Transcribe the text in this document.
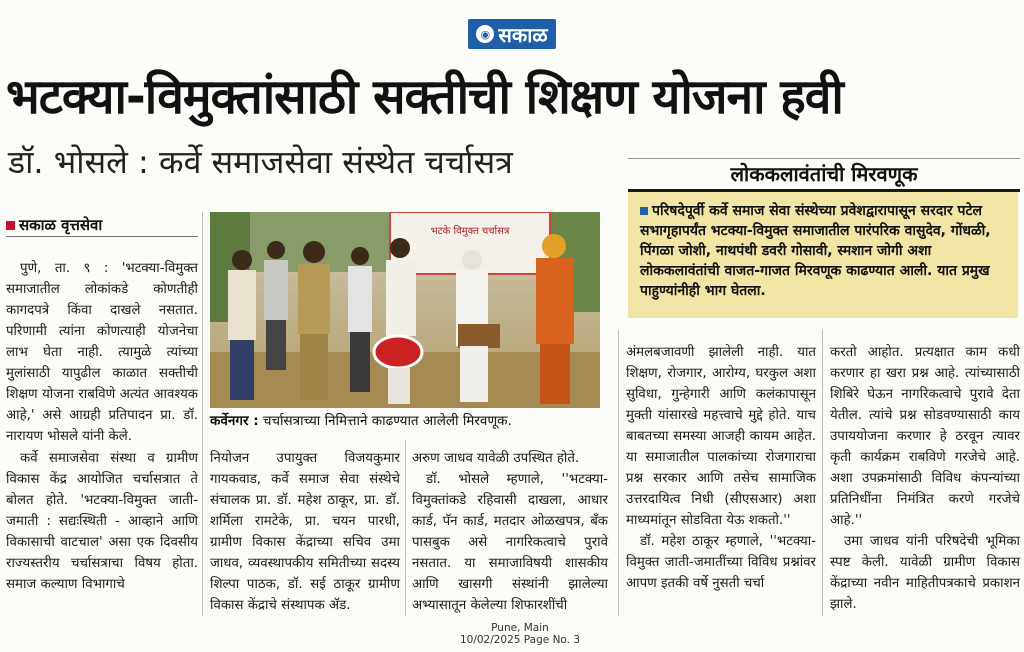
◉ सकाळ
भटक्या-विमुक्तांसाठी सक्तीची शिक्षण योजना हवी
डॉ. भोसले : कर्वे समाजसेवा संस्थेत चर्चासत्र	लोककलावंतांची मिरवणूक
परिषदेपूर्वी कर्वे समाज सेवा संस्थेच्या प्रवेशद्वारापासून सरदार पटेल सभागृहापर्यंत भटक्या-विमुक्त समाजातील पारंपरिक वासुदेव, गोंधळी, पिंगळा जोशी, नाथपंथी डवरी गोसावी, स्मशान जोगी अशा लोककलावंतांची वाजत-गाजत मिरवणूक काढण्यात आली. यात प्रमुख पाहुण्यांनीही भाग घेतला.
सकाळ वृत्तसेवा

पुणे, ता. ९ : 'भटक्या-विमुक्त समाजातील लोकांकडे कोणतीही कागदपत्रे किंवा दाखले नसतात. परिणामी त्यांना कोणत्याही योजनेचा लाभ घेता नाही. त्यामुळे त्यांच्या मुलांसाठी यापुढील काळात सक्तीची शिक्षण योजना राबविणे अत्यंत आवश्यक आहे,' असे आग्रही प्रतिपादन प्रा. डॉ. नारायण भोसले यांनी केले.

कर्वे समाजसेवा संस्था व ग्रामीण विकास केंद्र आयोजित चर्चासत्रात ते बोलत होते. 'भटक्या-विमुक्त जाती-जमाती : सद्यःस्थिती - आव्हाने आणि विकासाची वाटचाल' असा एक दिवसीय राज्यस्तरीय चर्चासत्राचा विषय होता. समाज कल्याण विभागाचे

भटके विमुक्त चर्चासत्र
कर्वेनगर : चर्चासत्राच्या निमित्ताने काढण्यात आलेली मिरवणूक.

नियोजन उपायुक्त विजयकुमार गायकवाड, कर्वे समाज सेवा संस्थेचे संचालक प्रा. डॉ. महेश ठाकूर, प्रा. डॉ. शर्मिला रामटेके, प्रा. चयन पारधी, ग्रामीण विकास केंद्राच्या सचिव उमा जाधव, व्यवस्थापकीय समितीच्या सदस्य शिल्पा पाठक, डॉ. सई ठाकूर ग्रामीण विकास केंद्राचे संस्थापक ॲड.

अरुण जाधव यावेळी उपस्थित होते.

डॉ. भोसले म्हणाले, ''भटक्या-विमुक्तांकडे रहिवासी दाखला, आधार कार्ड, पॅन कार्ड, मतदार ओळखपत्र, बँक पासबुक असे नागरिकत्वाचे पुरावे नसतात. या समाजाविषयी शासकीय आणि खासगी संस्थांनी झालेल्या अभ्यासातून केलेल्या शिफारशींची

अंमलबजावणी झालेली नाही. यात शिक्षण, रोजगार, आरोग्य, घरकुल अशा सुविधा, गुन्हेगारी आणि कलंकापासून मुक्ती यांसारखे महत्त्वाचे मुद्दे होते. याच बाबतच्या समस्या आजही कायम आहेत. या समाजातील पालकांच्या रोजगाराचा प्रश्न सरकार आणि तसेच सामाजिक उत्तरदायित्व निधी (सीएसआर) अशा माध्यमांतून सोडविता येऊ शकतो.''

डॉ. महेश ठाकूर म्हणाले, ''भटक्या-विमुक्त जाती-जमातींच्या विविध प्रश्नांवर आपण इतकी वर्षे नुसती चर्चा

करतो आहोत. प्रत्यक्षात काम कधी करणार हा खरा प्रश्न आहे. त्यांच्यासाठी शिबिरे घेऊन नागरिकत्वाचे पुरावे देता येतील. त्यांचे प्रश्न सोडवण्यासाठी काय उपाययोजना करणार हे ठरवून त्यावर कृती कार्यक्रम राबविणे गरजेचे आहे. अशा उपक्रमांसाठी विविध कंपन्यांच्या प्रतिनिधींना निमंत्रित करणे गरजेचे आहे.''

उमा जाधव यांनी परिषदेची भूमिका स्पष्ट केली. यावेळी ग्रामीण विकास केंद्राच्या नवीन माहितीपत्रकाचे प्रकाशन झाले.

Pune, Main
10/02/2025 Page No. 3
